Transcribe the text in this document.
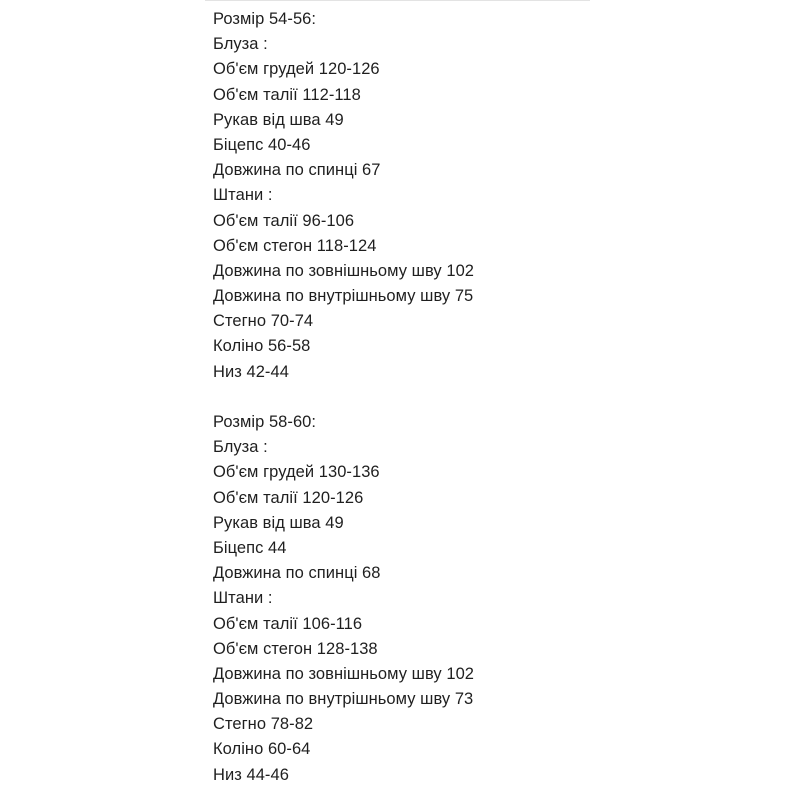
Розмір 54-56:
Блуза :
Об'єм грудей 120-126
Об'єм талії 112-118
Рукав від шва 49
Біцепс 40-46
Довжина по спинці 67
Штани :
Об'єм талії 96-106
Об'єм стегон 118-124
Довжина по зовнішньому шву 102
Довжина по внутрішньому шву 75
Стегно 70-74
Коліно 56-58
Низ 42-44
Розмір 58-60:
Блуза :
Об'єм грудей 130-136
Об'єм талії 120-126
Рукав від шва 49
Біцепс 44
Довжина по спинці 68
Штани :
Об'єм талії 106-116
Об'єм стегон 128-138
Довжина по зовнішньому шву 102
Довжина по внутрішньому шву 73
Стегно 78-82
Коліно 60-64
Низ 44-46
